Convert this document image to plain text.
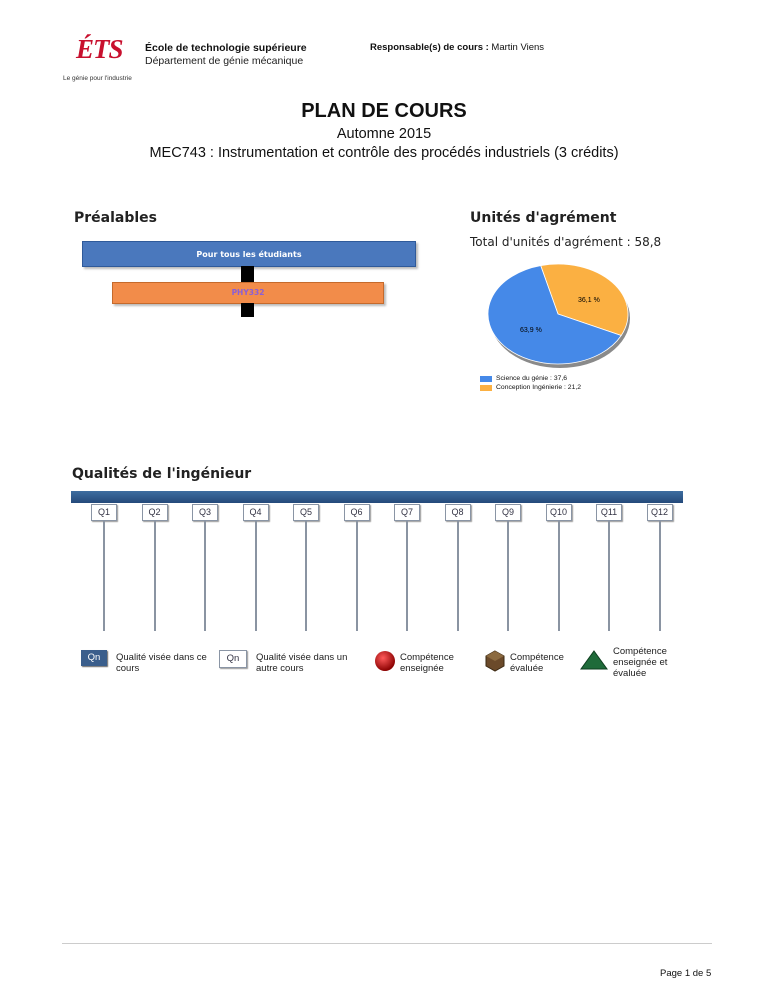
ÉTS
Le génie pour l'industrie
École de technologie supérieure
Département de génie mécanique
Responsable(s) de cours : Martin Viens
PLAN DE COURS
Automne 2015
MEC743 : Instrumentation et contrôle des procédés industriels (3 crédits)
Préalables
Pour tous les étudiants
PHY332
Unités d'agrément
Total d'unités d'agrément : 58,8
36,1 %
63,9 %
Science du génie : 37,6
Conception Ingénierie : 21,2
Qualités de l'ingénieur
Q1	Q2	Q3	Q4	Q5	Q6	Q7	Q8	Q9	Q10	Q11	Q12
Qn	Qualité visée dans ce cours
Qn	Qualité visée dans un autre cours
Compétence enseignée
Compétence évaluée
Compétence enseignée et évaluée
Page 1 de 5
